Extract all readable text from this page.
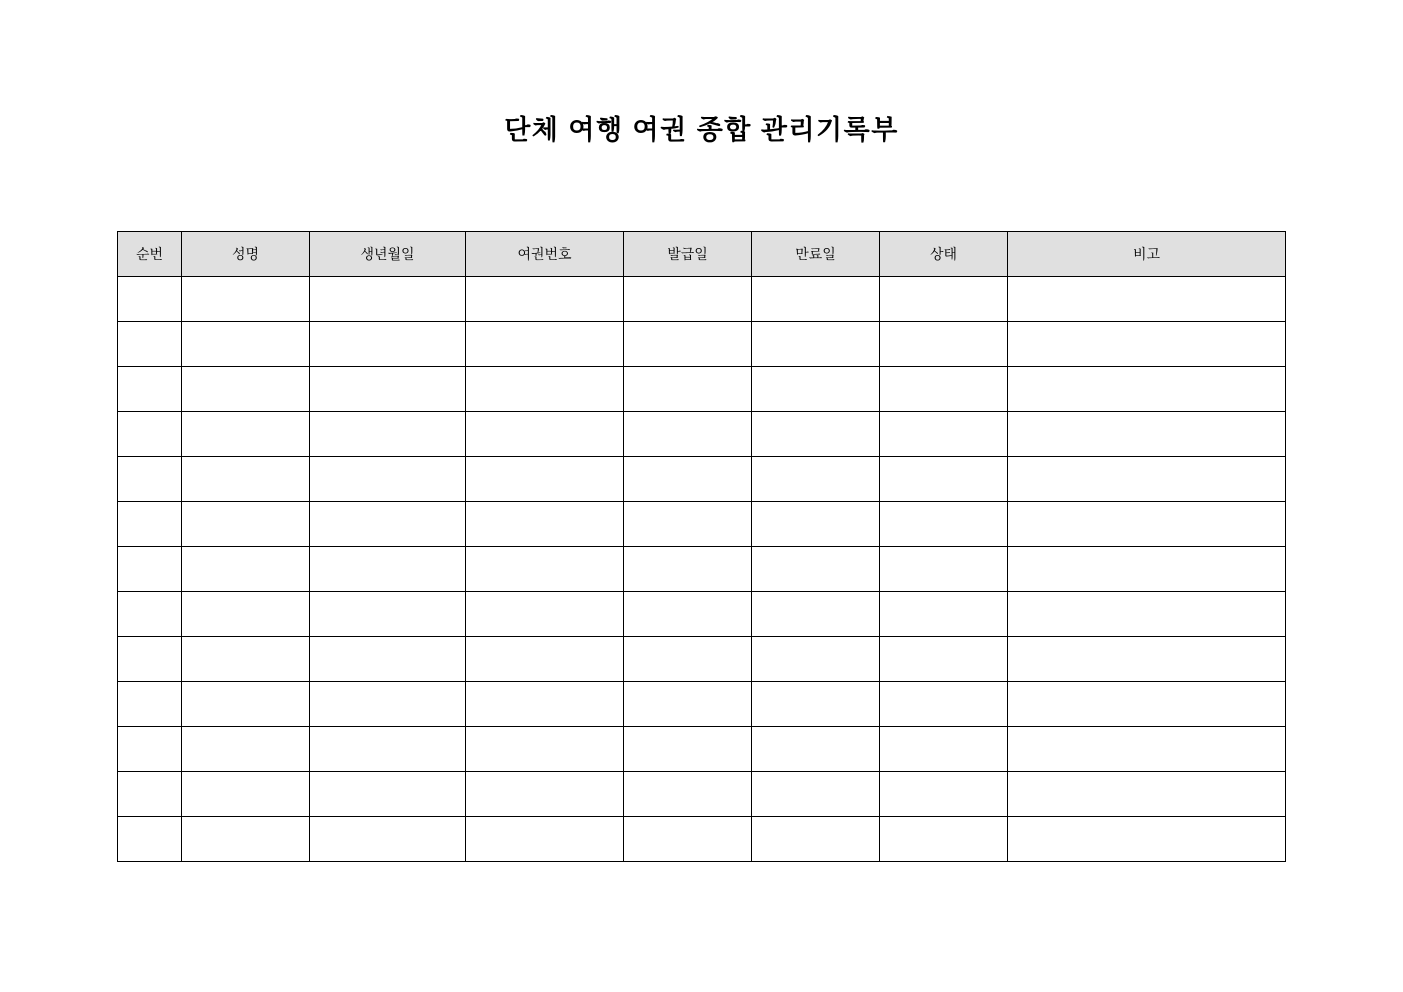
단체 여행 여권 종합 관리기록부
순번	성명	생년월일	여권번호	발급일	만료일	상태	비고
